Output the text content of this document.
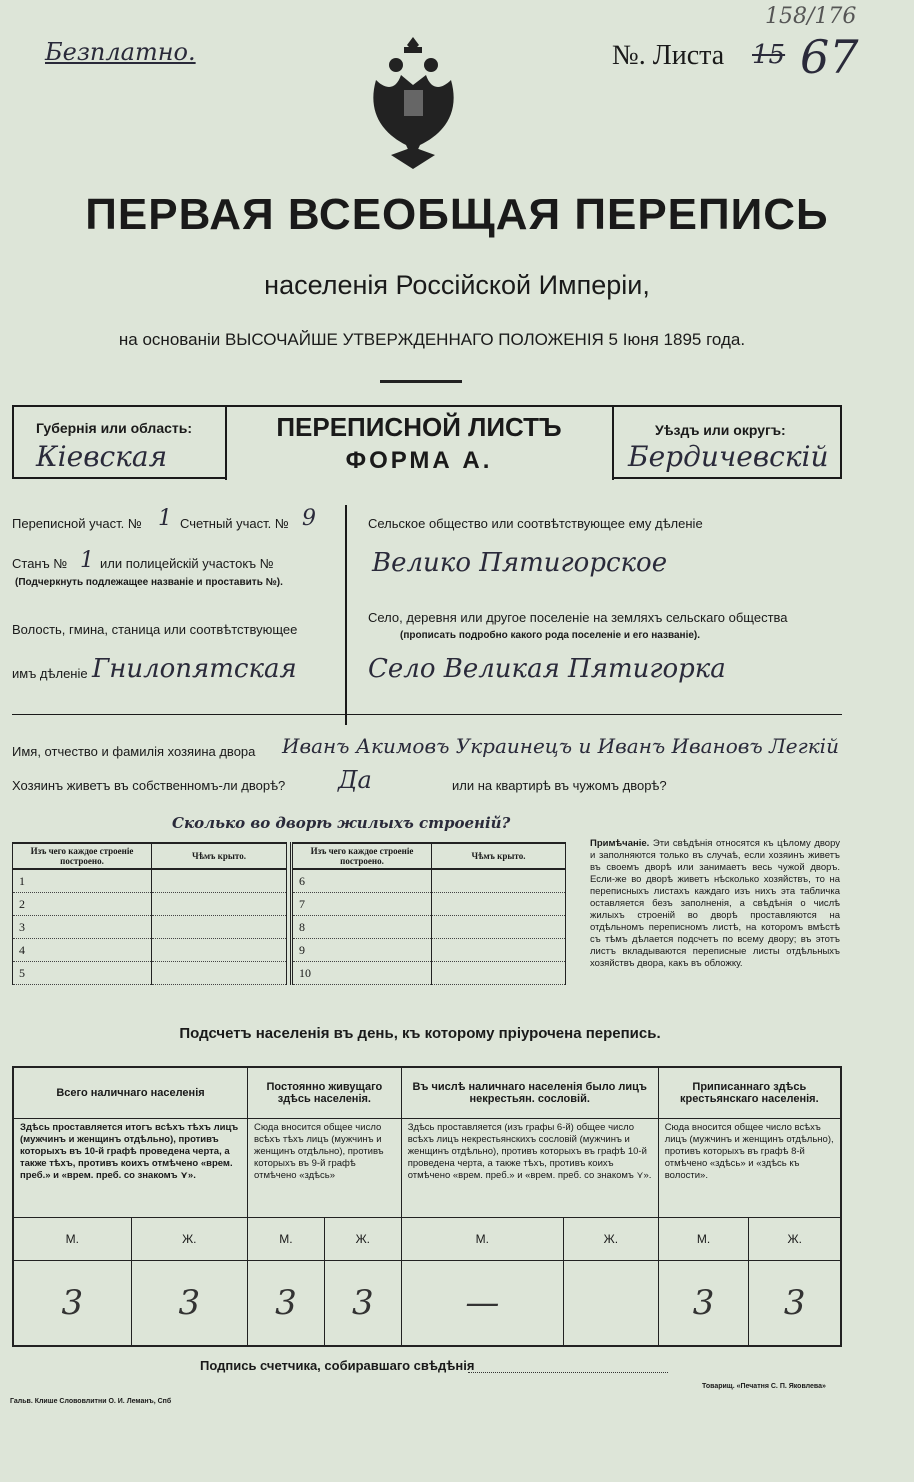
Безплатно.	№. Листа 15 67
158/176
ПЕРВАЯ ВСЕОБЩАЯ ПЕРЕПИСЬ
населенія Россійской Имперіи,
на основаніи ВЫСОЧАЙШЕ УТВЕРЖДЕННАГО ПОЛОЖЕНІЯ 5 Іюня 1895 года.
Губернія или область:
Кіевская
ПЕРЕПИСНОЙ ЛИСТЪ
ФОРМА А.
Уѣздъ или округъ:
Бердичевскій
Переписной участ. № 1 Счетный участ. № 9
Станъ № 1 или полицейскій участокъ №
(Подчеркнуть подлежащее названіе и проставить №).
Волость, гмина, станица или соотвѣтствующее
имъ дѣленіе Гнилопятская
Сельское общество или соотвѣтствующее ему дѣленіе
Велико Пятигорское
Село, деревня или другое поселеніе на земляхъ сельскаго общества
(прописать подробно какого рода поселеніе и его названіе).
Село Великая Пятигорка
Имя, отчество и фамилія хозяина двора Иванъ Акимовъ Украинецъ и Иванъ Ивановъ Легкій
Хозяинъ живетъ въ собственномъ-ли дворѣ? Да	или на квартирѣ въ чужомъ дворѣ?
Сколько во дворѣ жилыхъ строеній?
Изъ чего каждое строеніе построено.	Чѣмъ крыто.
1	
2	
3	
4	
5	
Изъ чего каждое строеніе построено.	Чѣмъ крыто.
6	
7	
8	
9	
10	
Примѣчаніе. Эти свѣдѣнія относятся къ цѣлому двору и заполняются только въ случаѣ, если хозяинъ живетъ въ своемъ дворѣ или занимаетъ весь чужой дворъ. Если-же во дворѣ живетъ нѣсколько хозяйствъ, то на переписныхъ листахъ каждаго изъ нихъ эта табличка оставляется безъ заполненія, а свѣдѣнія о числѣ жилыхъ строеній во дворѣ проставляются на отдѣльномъ переписномъ листѣ, на которомъ вмѣстѣ съ тѣмъ дѣлается подсчетъ по всему двору; въ этотъ листъ вкладываются переписные листы отдѣльныхъ хозяйствъ двора, какъ въ обложку.
Подсчетъ населенія въ день, къ которому пріурочена перепись.
Всего наличнаго населенія		Постоянно живущаго здѣсь населенія.		Въ числѣ наличнаго населенія было лицъ некрестьян. сословій.		Приписаннаго здѣсь крестьянскаго населенія.	
Здѣсь проставляется итогъ всѣхъ тѣхъ лицъ (мужчинъ и женщинъ отдѣльно), противъ которыхъ въ 10-й графѣ проведена черта, а также тѣхъ, противъ коихъ отмѣчено «врем. преб.» и «врем. преб. со знакомъ ⋎».		Сюда вносится общее число всѣхъ тѣхъ лицъ (мужчинъ и женщинъ отдѣльно), противъ которыхъ въ 9-й графѣ отмѣчено «здѣсь»		Здѣсь проставляется (изъ графы 6-й) общее число всѣхъ лицъ некрестьянскихъ сословій (мужчинъ и женщинъ отдѣльно), противъ которыхъ въ графѣ 10-й проведена черта, а также тѣхъ, противъ коихъ отмѣчено «врем. преб.» и «врем. преб. со знакомъ ⋎».		Сюда вносится общее число всѣхъ лицъ (мужчинъ и женщинъ отдѣльно), противъ которыхъ въ графѣ 8-й отмѣчено «здѣсь» и «здѣсь къ волости».	
М.	Ж.	М.	Ж.	М.	Ж.	М.	Ж.
3	3	3	3	—		3	3
Подпись счетчика, собиравшаго свѣдѣнія
Гальв. Клише Слововлитни О. И. Леманъ, Спб
Товарищ. «Печатня С. П. Яковлева»
